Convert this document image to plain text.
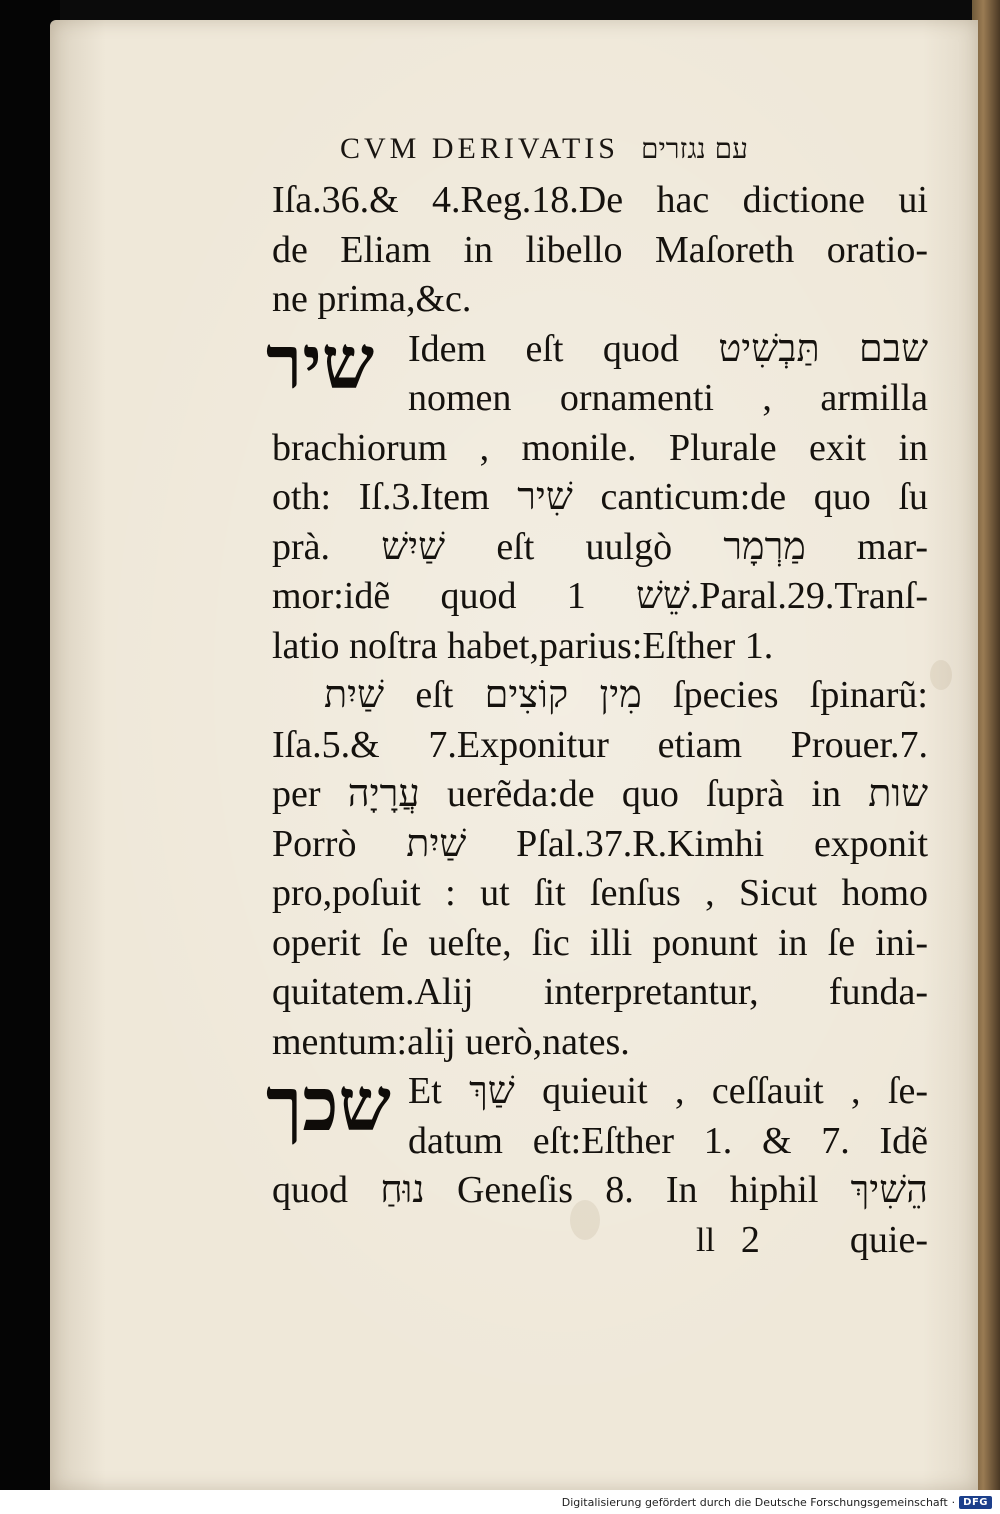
CVM DERIVATIS עם נגזרים
Iſa.36.& 4.Reg.18.De hac dictione ui
de Eliam in libello Maſoreth oratio-
ne prima,&c.
שיר Idem eſt quod שבם תַּבְשִׁיט
nomen ornamenti , armilla
brachiorum , monile. Plurale exit in
oth: Iſ.3.Item שִׁיר canticum:de quo ſu
prà. שַׁיִשׁ eſt uulgò מַרְמָר mar-
mor:idẽ quod שֵׁשׁ 1.Paral.29.Tranſ-
latio noſtra habet,parius:Eſther 1.
שַׁיִת eſt מִין קוֹצִים ſpecies ſpinarũ:
Iſa.5.& 7.Exponitur etiam Prouer.7.
per עֲרָיָה uerẽda:de quo ſuprà in שות
Porrò שַׁיִת Pſal.37.R.Kimhi exponit
pro,poſuit : ut ſit ſenſus , Sicut homo
operit ſe ueſte, ſic illi ponunt in ſe ini-
quitatem.Alij interpretantur, funda-
mentum:alij uerò,nates.
שכך Et שַׁךְ quieuit , ceſſauit , ſe-
datum eſt:Eſther 1. & 7. Idẽ
quod נוּחַ Geneſis 8. In hiphil הֵשִׁיךְ
ll 2 quie-
Digitalisierung gefördert durch die Deutsche Forschungsgemeinschaft · DFG
